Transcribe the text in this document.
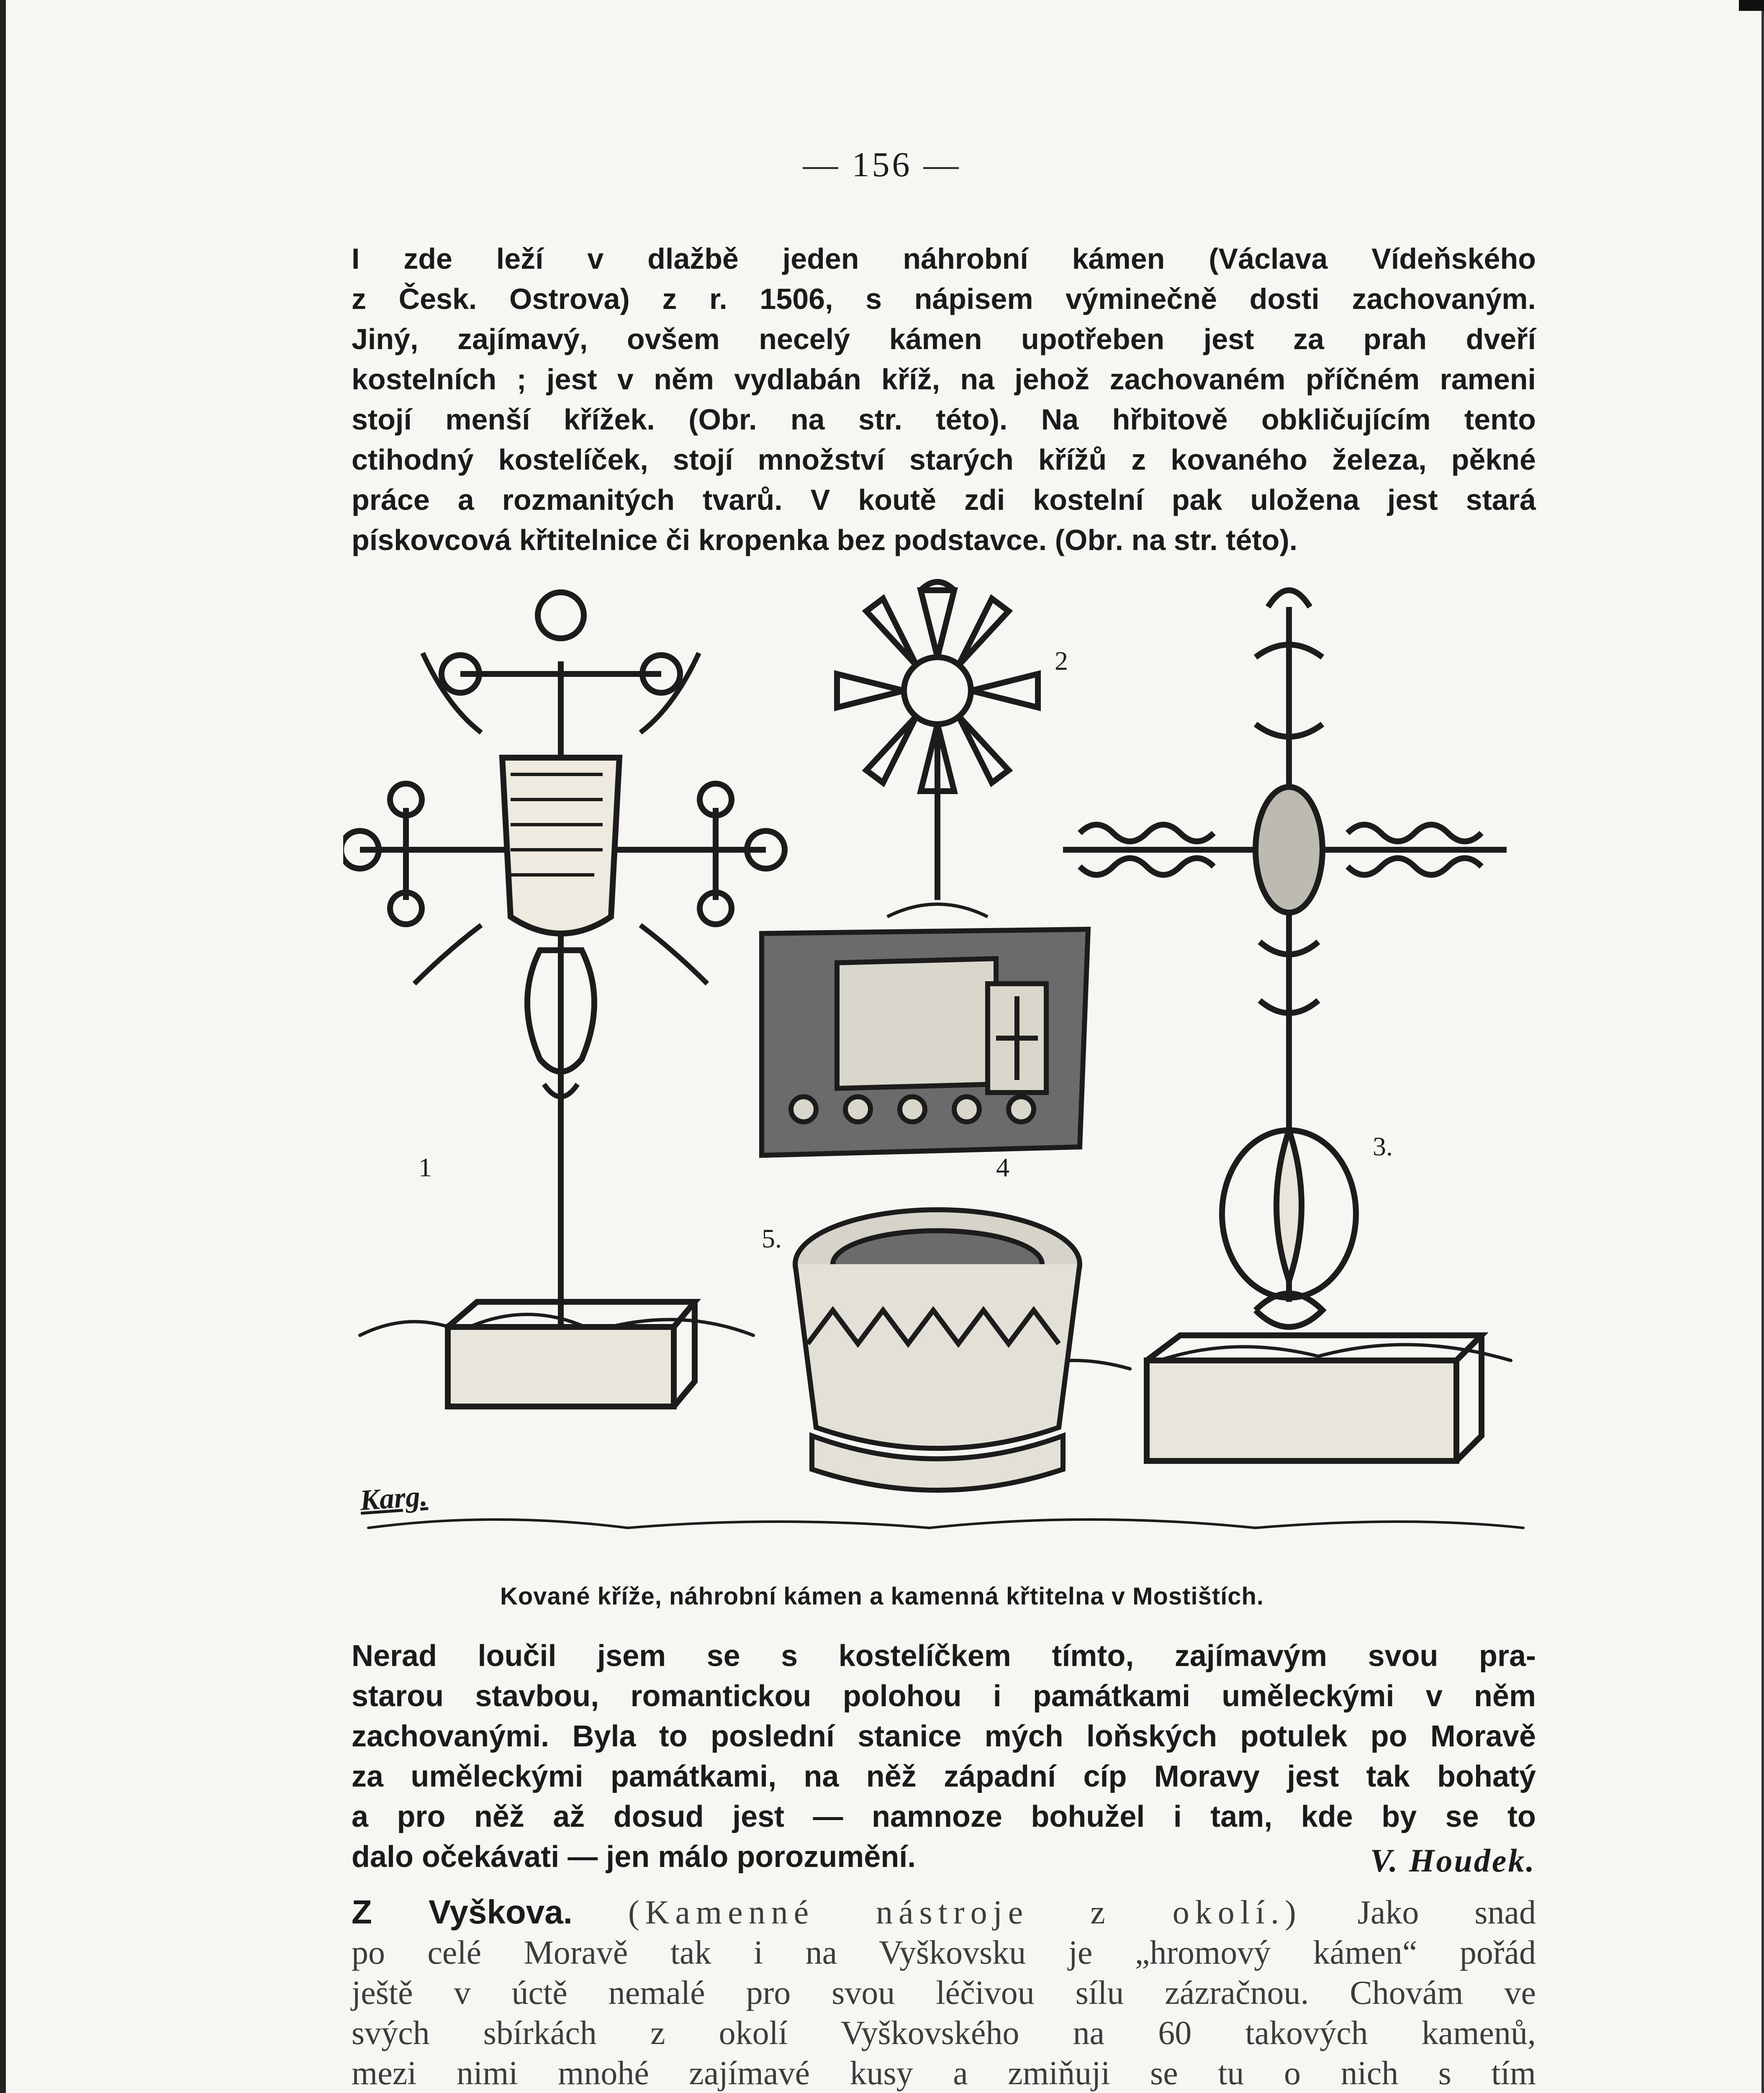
— 156 —
I zde leží v dlažbě jeden náhrobní kámen (Václava Vídeňského
z Česk. Ostrova) z r. 1506, s nápisem výminečně dosti zachovaným.
Jiný, zajímavý, ovšem necelý kámen upotřeben jest za prah dveří
kostelních ; jest v něm vydlabán kříž, na jehož zachovaném příčném rameni
stojí menší křížek. (Obr. na str. této). Na hřbitově obkličujícím tento
ctihodný kostelíček, stojí množství starých křížů z kovaného železa, pěkné
práce a rozmanitých tvarů. V koutě zdi kostelní pak uložena jest stará
pískovcová křtitelnice či kropenka bez podstavce. (Obr. na str. této).
1
2
3.
4
5.
Karg.
Kované kříže, náhrobní kámen a kamenná křtitelna v Mostištích.
Nerad loučil jsem se s kostelíčkem tímto, zajímavým svou pra-
starou stavbou, romantickou polohou i památkami uměleckými v něm
zachovanými. Byla to poslední stanice mých loňských potulek po Moravě
za uměleckými památkami, na něž západní cíp Moravy jest tak bohatý
a pro něž až dosud jest — namnoze bohužel i tam, kde by se to
dalo očekávati — jen málo porozumění.	V. Houdek.
Z Vyškova. (Kamenné nástroje z okolí.) Jako snad
po celé Moravě tak i na Vyškovsku je „hromový kámen“ pořád
ještě v úctě nemalé pro svou léčivou sílu zázračnou. Chovám ve
svých sbírkách z okolí Vyškovského na 60 takových kamenů,
mezi nimi mnohé zajímavé kusy a zmiňuji se tu o nich s tím
